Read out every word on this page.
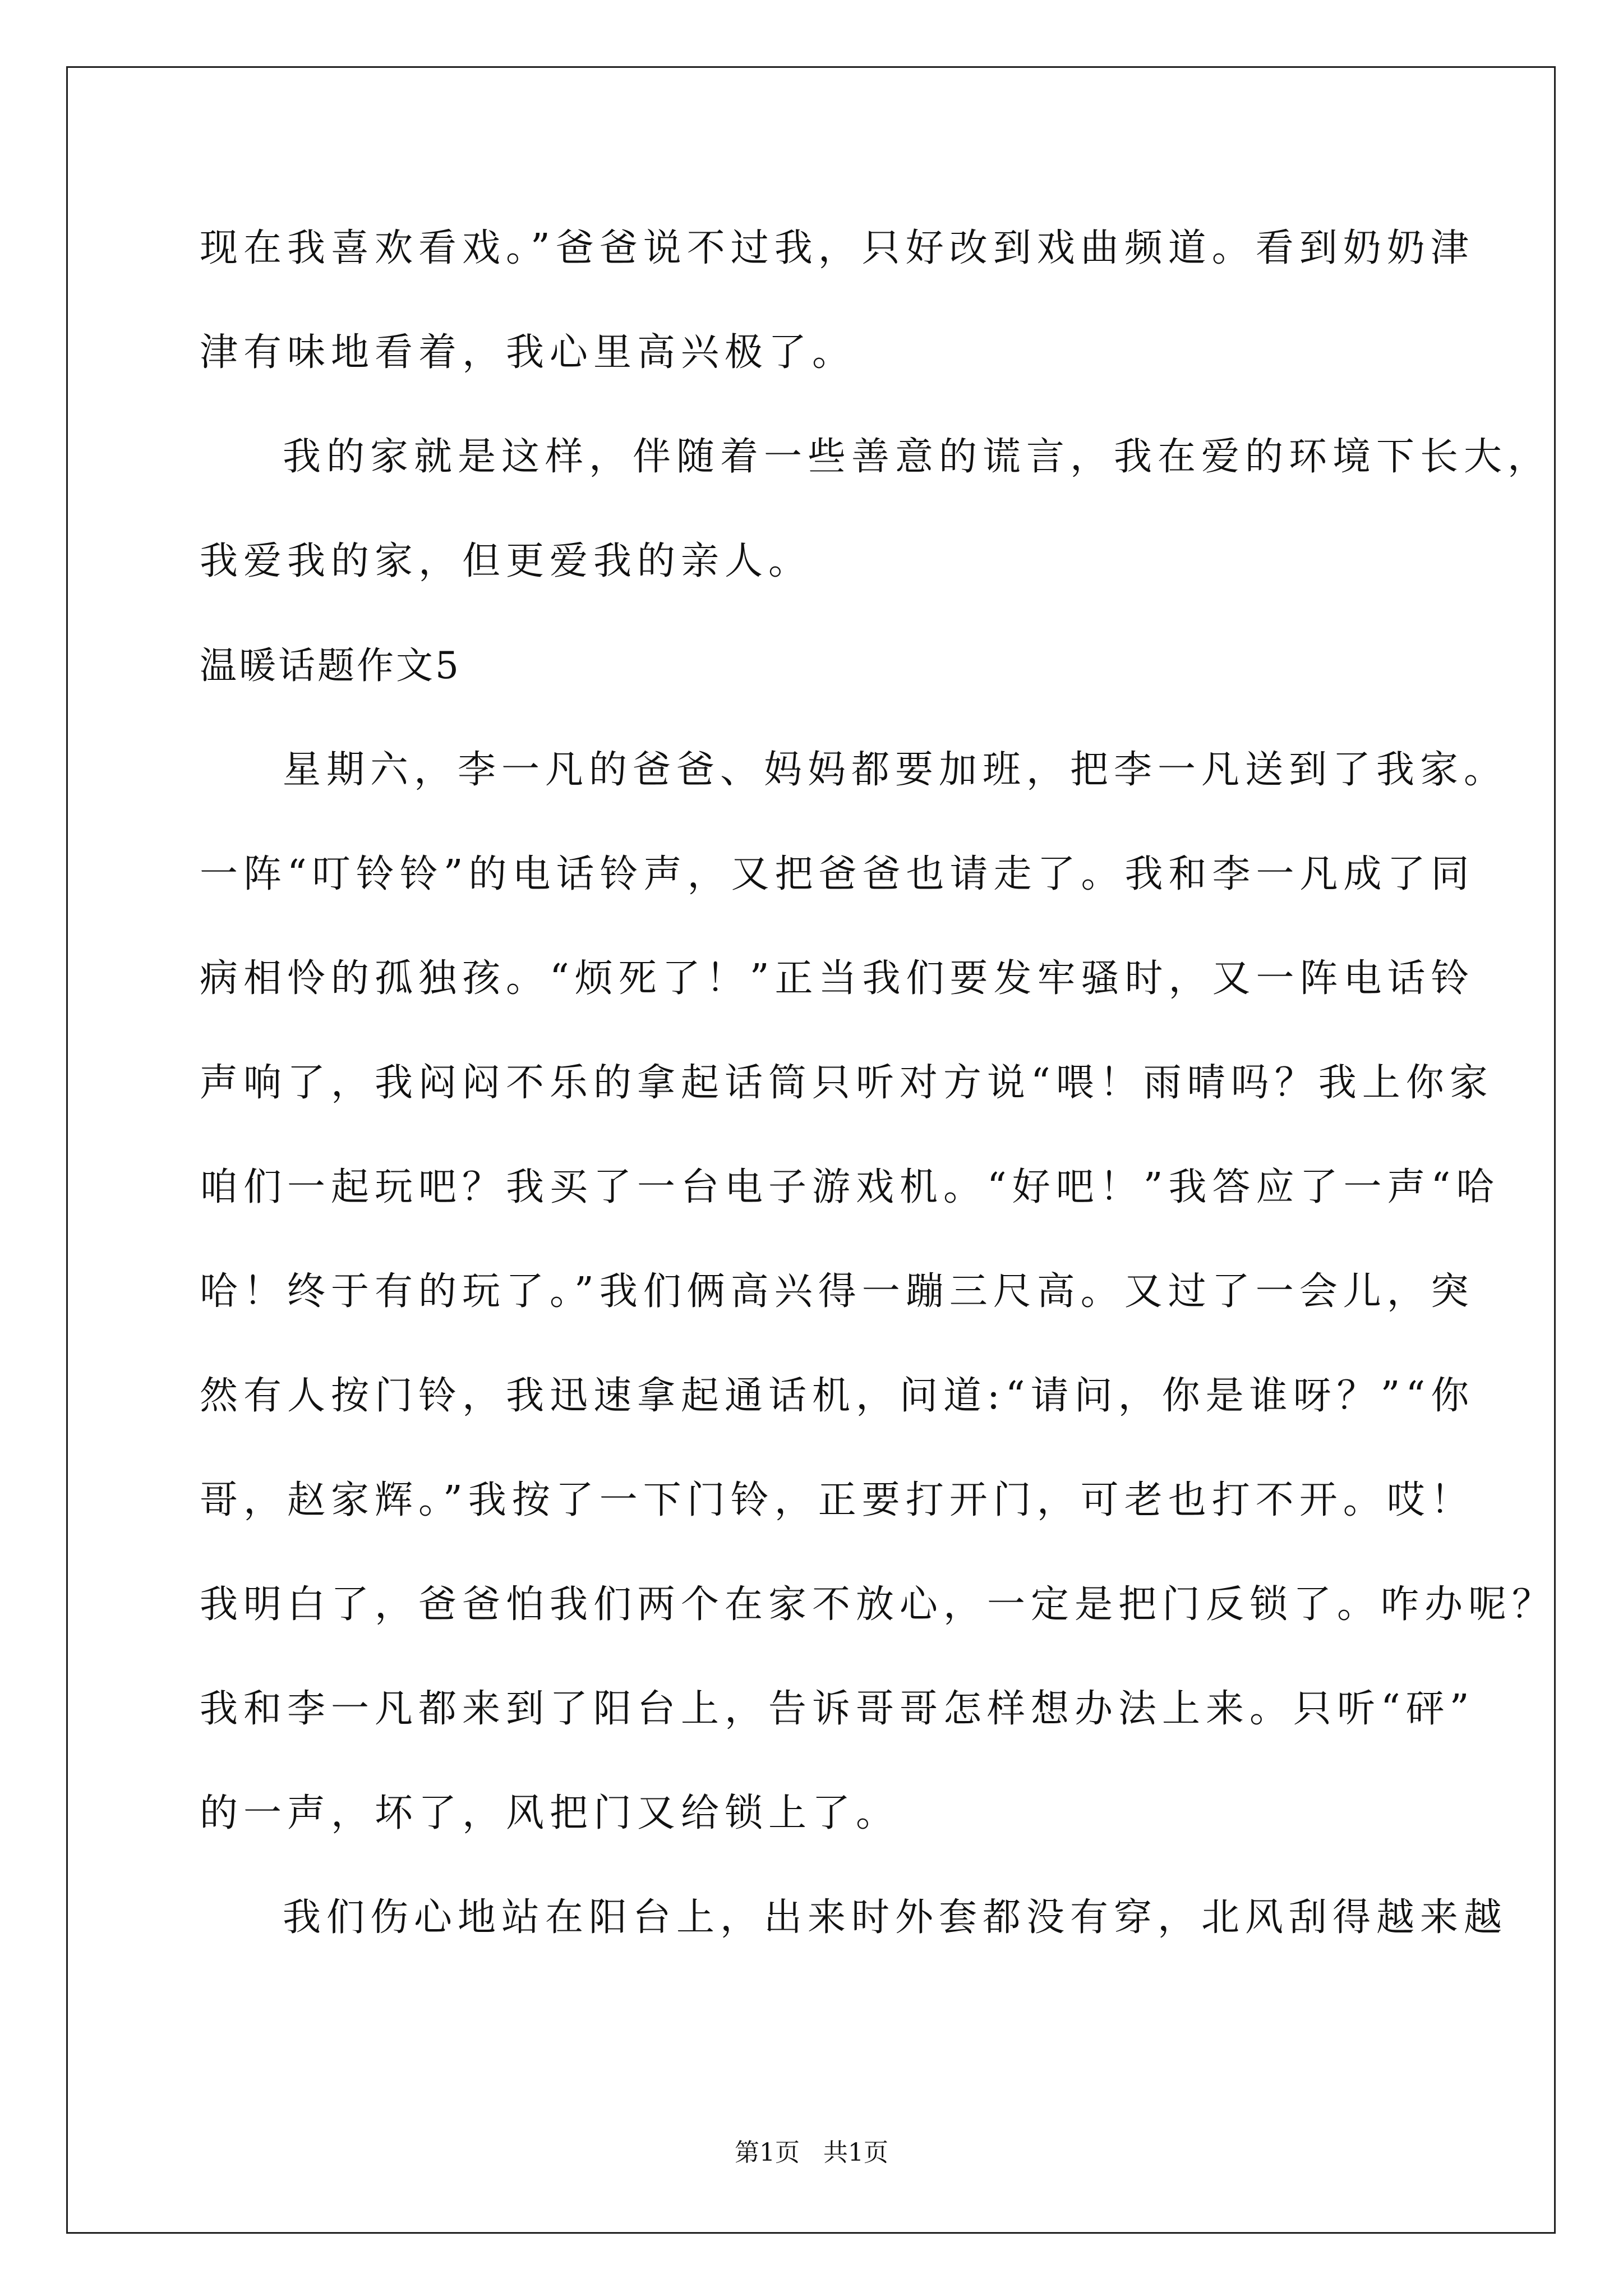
现在我喜欢看戏。”爸爸说不过我，只好改到戏曲频道。看到奶奶津
津有味地看着，我心里高兴极了。
我的家就是这样，伴随着一些善意的谎言，我在爱的环境下长大，
我爱我的家，但更爱我的亲人。
温暖话题作文5
星期六，李一凡的爸爸、妈妈都要加班，把李一凡送到了我家。
一阵“叮铃铃”的电话铃声，又把爸爸也请走了。我和李一凡成了同
病相怜的孤独孩。“烦死了！”正当我们要发牢骚时，又一阵电话铃
声响了，我闷闷不乐的拿起话筒只听对方说“喂！雨晴吗？我上你家
咱们一起玩吧？我买了一台电子游戏机。“好吧！”我答应了一声“哈
哈！终于有的玩了。”我们俩高兴得一蹦三尺高。又过了一会儿，突
然有人按门铃，我迅速拿起通话机，问道:“请问，你是谁呀？”“你
哥，赵家辉。”我按了一下门铃，正要打开门，可老也打不开。哎！
我明白了，爸爸怕我们两个在家不放心，一定是把门反锁了。咋办呢？
我和李一凡都来到了阳台上，告诉哥哥怎样想办法上来。只听“砰”
的一声，坏了，风把门又给锁上了。
我们伤心地站在阳台上，出来时外套都没有穿，北风刮得越来越
第1页   共1页
